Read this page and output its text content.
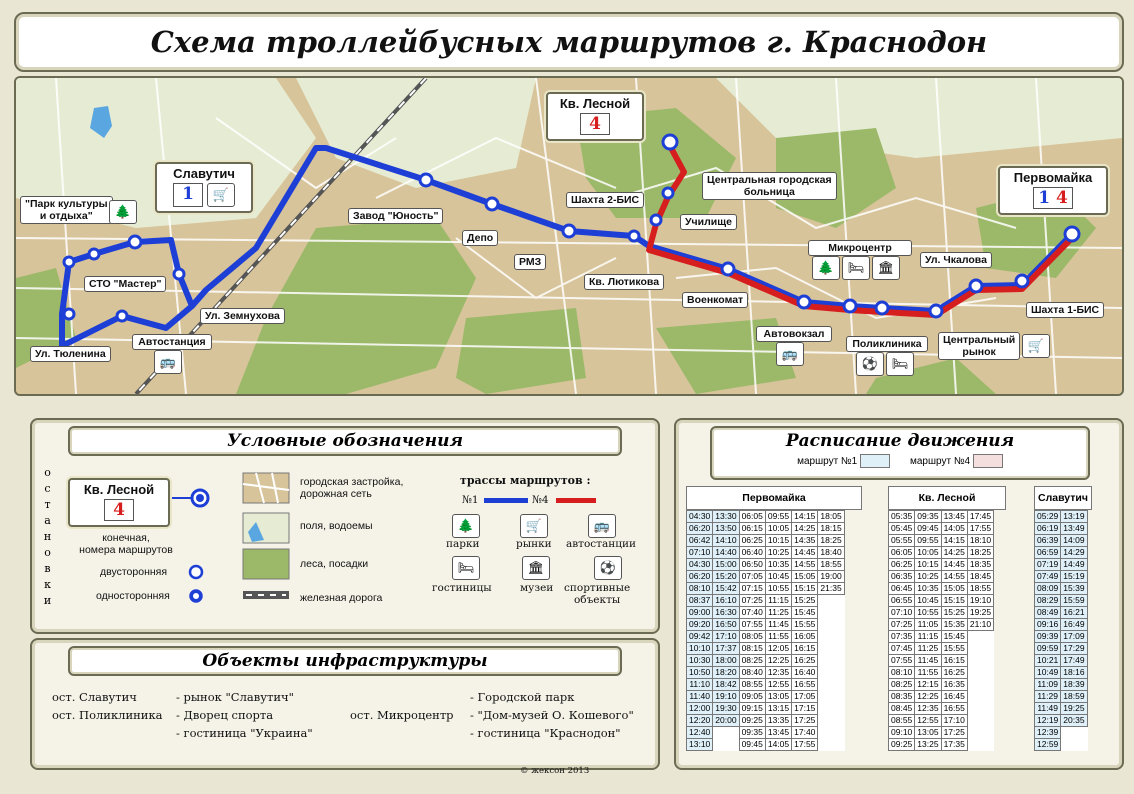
Схема троллейбусных маршрутов г. Краснодон
Славутич
1	🛒
Кв. Лесной
4
Первомайка
1 4
"Парк культуры
и отдыха"	🌲
СТО "Мастер"
Ул. Земнухова
Ул. Тюленина
Автостанция
🚌
Завод "Юность"
Депо
РМЗ
Шахта 2-БИС
Кв. Лютикова
Центральная городская
больница
Училище
Военкомат
Автовокзал
🚌
Микроцентр
🌲	🛏	🏛
Поликлиника
⚽	🛏
Центральный
рынок	🛒
Ул. Чкалова
Шахта 1-БИС
Условные обозначения
остановки	Кв. Лесной
4
конечная,
номера маршрутов
двусторонняя
односторонняя
городская застройка,
дорожная сеть
поля, водоемы
леса, посадки
железная дорога
трассы маршрутов :
№1	№4
🌲
парки
🛒
рынки
🚌
автостанции
🛏
гостиницы
🏛
музеи
⚽
спортивные
объекты
Объекты инфраструктуры
ост. Славутич
ост. Поликлиника
- рынок "Славутич"
- Дворец спорта
- гостиница "Украина"
ост. Микроцентр
- Городской парк
- "Дом-музей О. Кошевого"
- гостиница "Краснодон"
Расписание движения
маршрут №1	маршрут №4
Первомайка
04:30	13:30	06:05	09:55	14:15	18:05
06:20	13:50	06:15	10:05	14:25	18:15
06:42	14:10	06:25	10:15	14:35	18:25
07:10	14:40	06:40	10:25	14:45	18:40
04:30	15:00	06:50	10:35	14:55	18:55
06:20	15:20	07:05	10:45	15:05	19:00
08:10	15:42	07:15	10:55	15:15	21:35
08:37	16:10	07:25	11:15	15:25	
09:00	16:30	07:40	11:25	15:45	
09:20	16:50	07:55	11:45	15:55	
09:42	17:10	08:05	11:55	16:05	
10:10	17:37	08:15	12:05	16:15	
10:30	18:00	08:25	12:25	16:25	
10:50	18:20	08:40	12:35	16:40	
11:10	18:42	08:55	12:55	16:55	
11:40	19:10	09:05	13:05	17:05	
12:00	19:30	09:15	13:15	17:15	
12:20	20:00	09:25	13:35	17:25	
12:40		09:35	13:45	17:40	
13:10		09:45	14:05	17:55	
Кв. Лесной
05:35	09:35	13:45	17:45
05:45	09:45	14:05	17:55
05:55	09:55	14:15	18:10
06:05	10:05	14:25	18:25
06:25	10:15	14:45	18:35
06:35	10:25	14:55	18:45
06:45	10:35	15:05	18:55
06:55	10:45	15:15	19:10
07:10	10:55	15:25	19:25
07:25	11:05	15:35	21:10
07:35	11:15	15:45	
07:45	11:25	15:55	
07:55	11:45	16:15	
08:10	11:55	16:25	
08:25	12:15	16:35	
08:35	12:25	16:45	
08:45	12:35	16:55	
08:55	12:55	17:10	
09:10	13:05	17:25	
09:25	13:25	17:35	
Славутич
05:29	13:19
06:19	13:49
06:39	14:09
06:59	14:29
07:19	14:49
07:49	15:19
08:09	15:39
08:29	15:59
08:49	16:21
09:16	16:49
09:39	17:09
09:59	17:29
10:21	17:49
10:49	18:16
11:09	18:39
11:29	18:59
11:49	19:25
12:19	20:35
12:39	
12:59	
© жексон 2013
